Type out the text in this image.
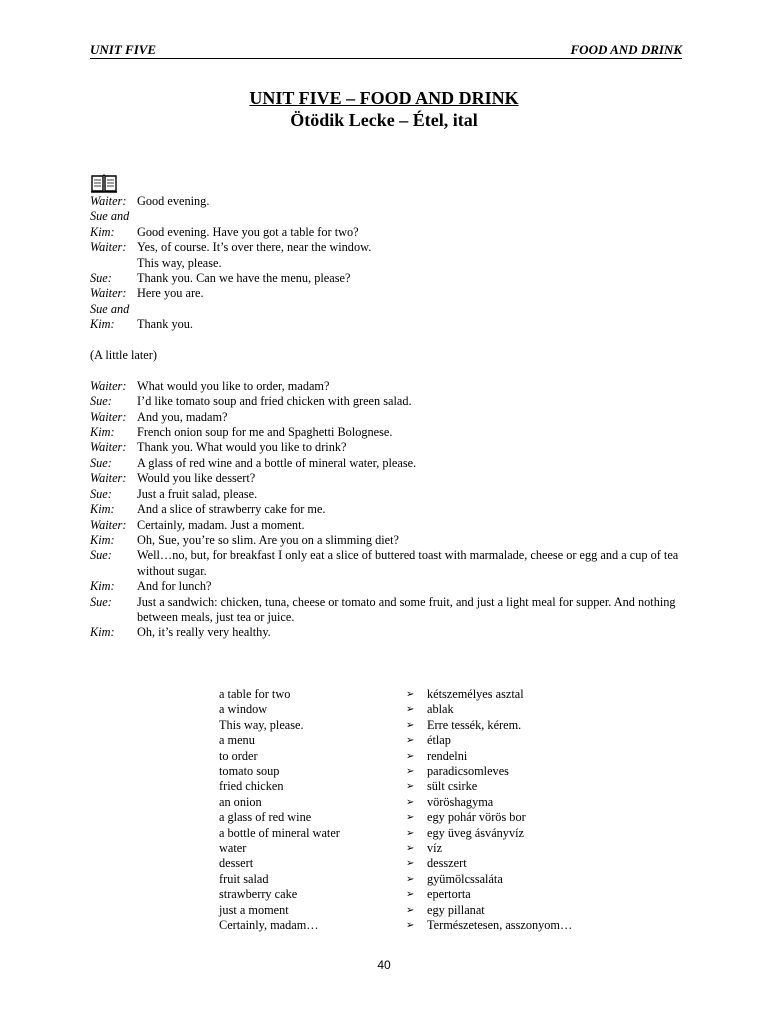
UNIT FIVE	FOOD AND DRINK
UNIT FIVE – FOOD AND DRINK
Ötödik Lecke – Étel, ital
Waiter: Good evening.
Sue and
Kim:	Good evening. Have you got a table for two?
Waiter: Yes, of course. It’s over there, near the window.
This way, please.
Sue:	Thank you. Can we have the menu, please?
Waiter: Here you are.
Sue and
Kim:	Thank you.
(A little later)
Waiter: What would you like to order, madam?
Sue:	I’d like tomato soup and fried chicken with green salad.
Waiter: And you, madam?
Kim:	French onion soup for me and Spaghetti Bolognese.
Waiter: Thank you. What would you like to drink?
Sue:	A glass of red wine and a bottle of mineral water, please.
Waiter: Would you like dessert?
Sue:	Just a fruit salad, please.
Kim:	And a slice of strawberry cake for me.
Waiter: Certainly, madam. Just a moment.
Kim:	Oh, Sue, you’re so slim. Are you on a slimming diet?
Sue:	Well…no, but, for breakfast I only eat a slice of buttered toast with marmalade, cheese or egg and a cup of tea without sugar.
Kim:	And for lunch?
Sue:	Just a sandwich: chicken, tuna, cheese or tomato and some fruit, and just a light meal for supper. And nothing between meals, just tea or juice.
Kim:	Oh, it’s really very healthy.
a table for two	➢	kétszemélyes asztal
a window	➢	ablak
This way, please.	➢	Erre tessék, kérem.
a menu	➢	étlap
to order	➢	rendelni
tomato soup	➢	paradicsomleves
fried chicken	➢	sült csirke
an onion	➢	vöröshagyma
a glass of red wine	➢	egy pohár vörös bor
a bottle of mineral water	➢	egy üveg ásványvíz
water	➢	víz
dessert	➢	desszert
fruit salad	➢	gyümölcssaláta
strawberry cake	➢	epertorta
just a moment	➢	egy pillanat
Certainly, madam…	➢	Természetesen, asszonyom…
40
